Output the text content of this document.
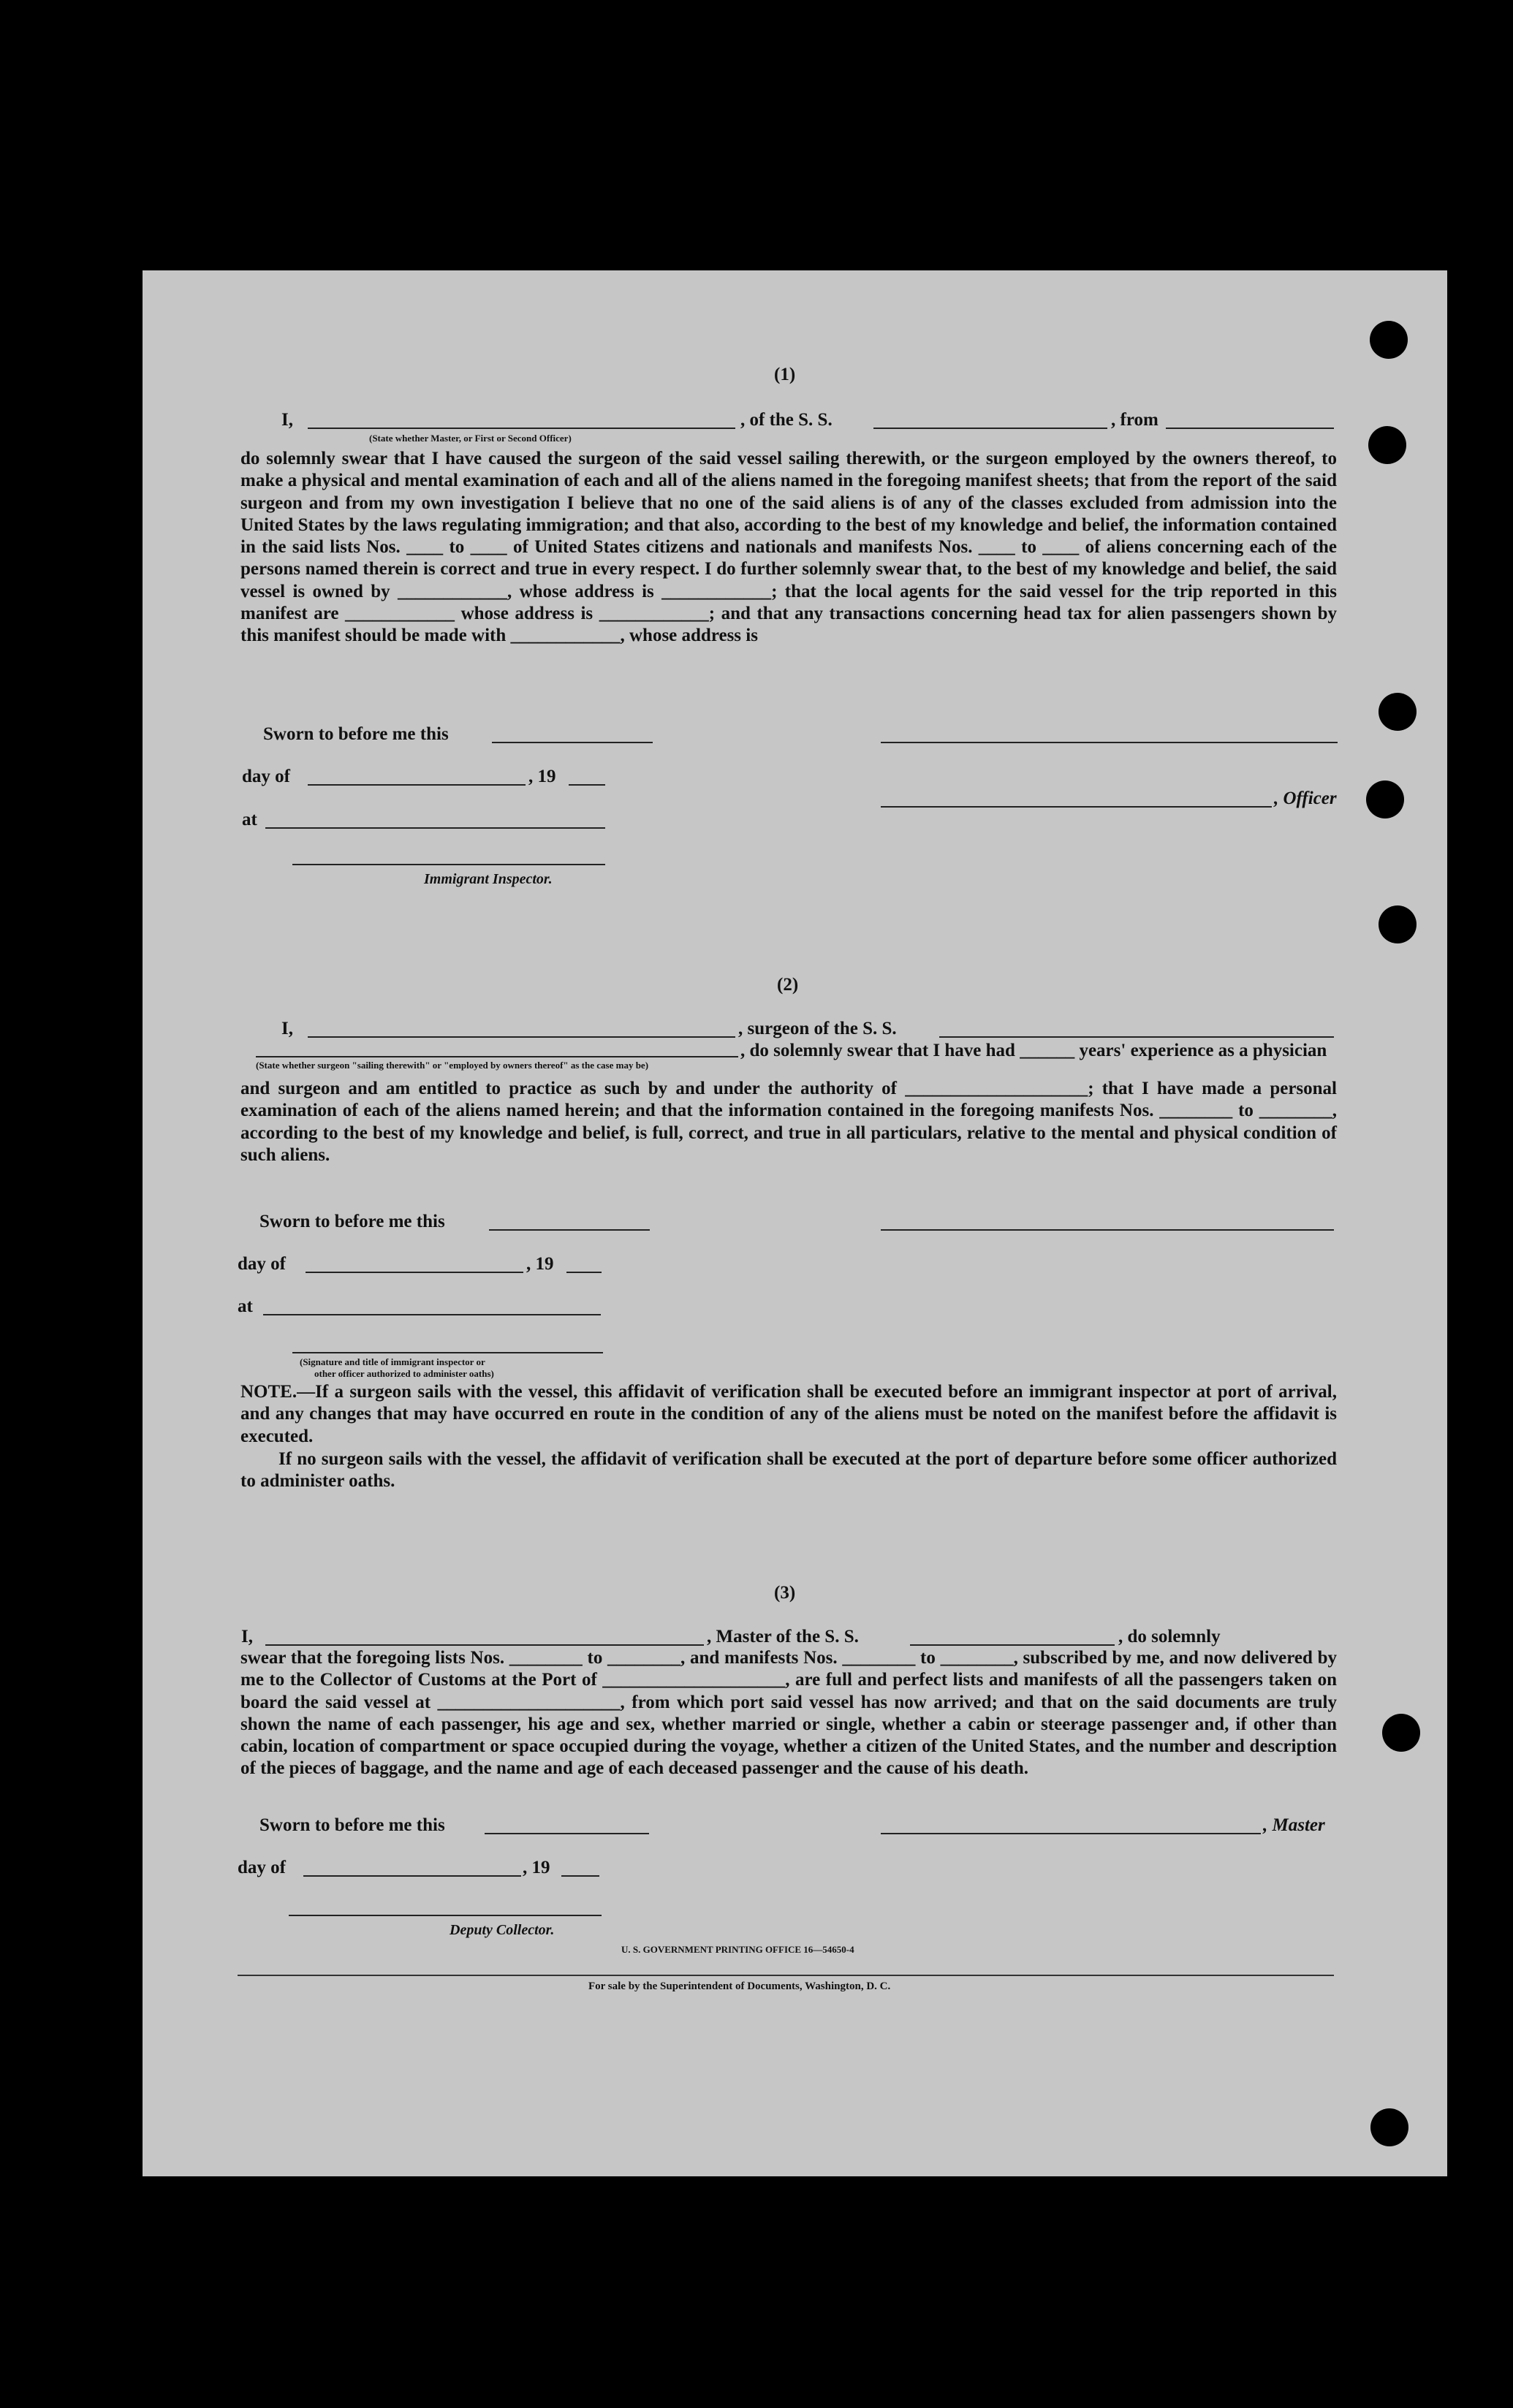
(1)
I,	, of the S. S.	, from
(State whether Master, or First or Second Officer)
do solemnly swear that I have caused the surgeon of the said vessel sailing therewith, or the surgeon employed by the owners thereof, to make a physical and mental examination of each and all of the aliens named in the foregoing manifest sheets; that from the report of the said surgeon and from my own investigation I believe that no one of the said aliens is of any of the classes excluded from admission into the United States by the laws regulating immigration; and that also, according to the best of my knowledge and belief, the information contained in the said lists Nos. ____ to ____ of United States citizens and nationals and manifests Nos. ____ to ____ of aliens concerning each of the persons named therein is correct and true in every respect. I do further solemnly swear that, to the best of my knowledge and belief, the said vessel is owned by ____________, whose address is ____________; that the local agents for the said vessel for the trip reported in this manifest are ____________ whose address is ____________; and that any transactions concerning head tax for alien passengers shown by this manifest should be made with ____________, whose address is
Sworn to before me this
day of	, 19
, Officer
at
Immigrant Inspector.
(2)
I,	, surgeon of the S. S.
(State whether surgeon "sailing therewith" or "employed by owners thereof" as the case may be)
, do solemnly swear that I have had ______ years' experience as a physician
and surgeon and am entitled to practice as such by and under the authority of ____________________; that I have made a personal examination of each of the aliens named herein; and that the information contained in the foregoing manifests Nos. ________ to ________, according to the best of my knowledge and belief, is full, correct, and true in all particulars, relative to the mental and physical condition of such aliens.
Sworn to before me this
day of	, 19
at
(Signature and title of immigrant inspector or
other officer authorized to administer oaths)
NOTE.—If a surgeon sails with the vessel, this affidavit of verification shall be executed before an immigrant inspector at port of arrival, and any changes that may have occurred en route in the condition of any of the aliens must be noted on the manifest before the affidavit is executed.
If no surgeon sails with the vessel, the affidavit of verification shall be executed at the port of departure before some officer authorized to administer oaths.
(3)
I,	, Master of the S. S.	, do solemnly
swear that the foregoing lists Nos. ________ to ________, and manifests Nos. ________ to ________, subscribed by me, and now delivered by me to the Collector of Customs at the Port of ____________________, are full and perfect lists and manifests of all the passengers taken on board the said vessel at ____________________, from which port said vessel has now arrived; and that on the said documents are truly shown the name of each passenger, his age and sex, whether married or single, whether a cabin or steerage passenger and, if other than cabin, location of compartment or space occupied during the voyage, whether a citizen of the United States, and the number and description of the pieces of baggage, and the name and age of each deceased passenger and the cause of his death.
Sworn to before me this	, Master
day of	, 19
Deputy Collector.
U. S. GOVERNMENT PRINTING OFFICE 16—54650-4
For sale by the Superintendent of Documents, Washington, D. C.
